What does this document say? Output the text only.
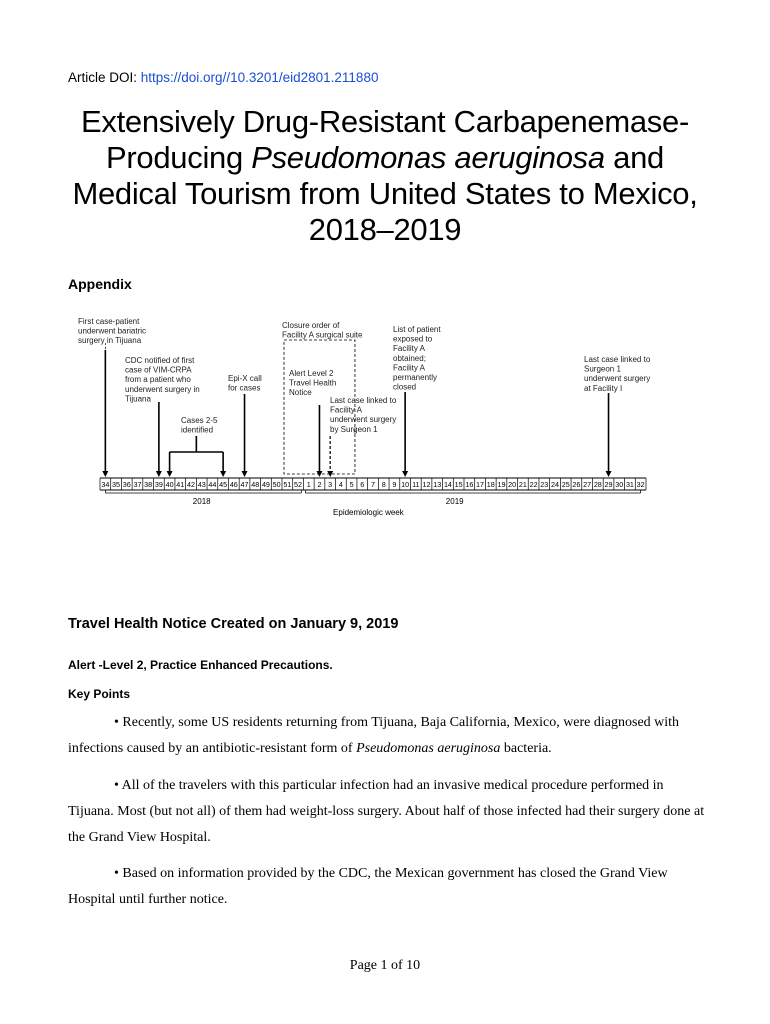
Article DOI: https://doi.org//10.3201/eid2801.211880
Extensively Drug-Resistant Carbapenemase-
Producing Pseudomonas aeruginosa and
Medical Tourism from United States to Mexico,
2018–2019
Appendix
First case-patient
underwent bariatric
surgery in Tijuana
CDC notified of first
case of VIM-CRPA
from a patient who
underwent surgery in
Tijuana
Cases 2-5
identified
Epi-X call
for cases
Closure order of
Facility A surgical suite
Alert Level 2
Travel Health
Notice
Last case linked to
Facility A
underwent surgery
by Surgeon 1
List of patient
exposed to
Facility A
obtained;
Facility A
permanently
closed
Last case linked to
Surgeon 1
underwent surgery
at Facility I
34 35 36 37 38 39 40 41 42 43 44 45 46 47 48 49 50 51 52 1 2 3 4 5 6 7 8 9 10 11 12 13 14 15 16 17 18 19 20 21 22 23 24 25 26 27 28 29 30 31 32
2018	2019
Epidemiologic week
Travel Health Notice Created on January 9, 2019
Alert -Level 2, Practice Enhanced Precautions.
Key Points
• Recently, some US residents returning from Tijuana, Baja California, Mexico, were diagnosed with infections caused by an antibiotic-resistant form of Pseudomonas aeruginosa bacteria.
• All of the travelers with this particular infection had an invasive medical procedure performed in Tijuana. Most (but not all) of them had weight-loss surgery. About half of those infected had their surgery done at the Grand View Hospital.
• Based on information provided by the CDC, the Mexican government has closed the Grand View Hospital until further notice.
Page 1 of 10
